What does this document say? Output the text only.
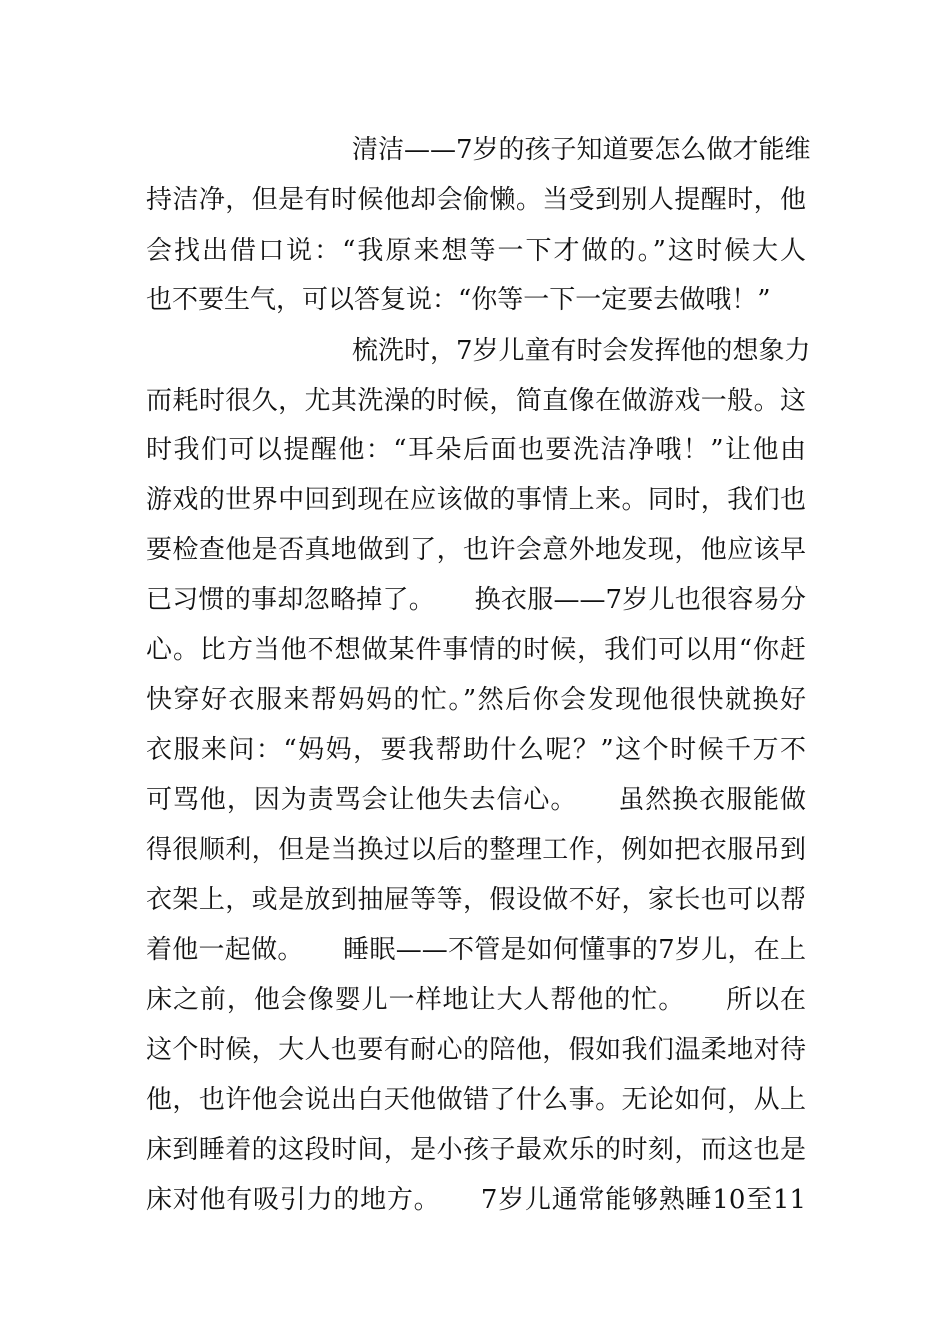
清洁——7岁的孩子知道要怎么做才能维
持洁净，但是有时候他却会偷懒。当受到别人提醒时，他
会找出借口说：“我原来想等一下才做的。”这时候大人
也不要生气，可以答复说：“你等一下一定要去做哦！”
梳洗时，7岁儿童有时会发挥他的想象力
而耗时很久，尤其洗澡的时候，简直像在做游戏一般。这
时我们可以提醒他：“耳朵后面也要洗洁净哦！”让他由
游戏的世界中回到现在应该做的事情上来。同时，我们也
要检查他是否真地做到了，也许会意外地发现，他应该早
已习惯的事却忽略掉了。　　换衣服——7岁儿也很容易分
心。比方当他不想做某件事情的时候，我们可以用“你赶
快穿好衣服来帮妈妈的忙。”然后你会发现他很快就换好
衣服来问：“妈妈，要我帮助什么呢？”这个时候千万不
可骂他，因为责骂会让他失去信心。　　虽然换衣服能做
得很顺利，但是当换过以后的整理工作，例如把衣服吊到
衣架上，或是放到抽屉等等，假设做不好，家长也可以帮
着他一起做。　　睡眠——不管是如何懂事的7岁儿，在上
床之前，他会像婴儿一样地让大人帮他的忙。　　所以在
这个时候，大人也要有耐心的陪他，假如我们温柔地对待
他，也许他会说出白天他做错了什么事。无论如何，从上
床到睡着的这段时间，是小孩子最欢乐的时刻，而这也是
床对他有吸引力的地方。　　7岁儿通常能够熟睡10至11
